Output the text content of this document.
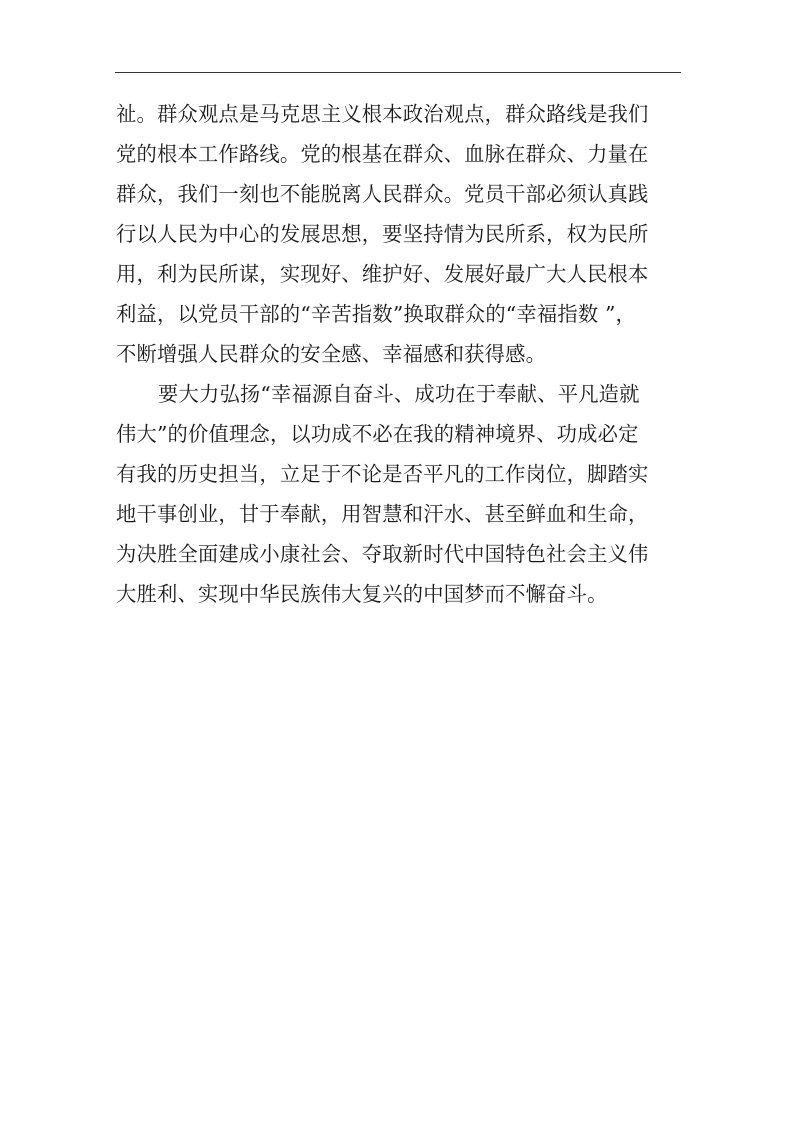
祉。群众观点是马克思主义根本政治观点，群众路线是我们
党的根本工作路线。党的根基在群众、血脉在群众、力量在
群众，我们一刻也不能脱离人民群众。党员干部必须认真践
行以人民为中心的发展思想，要坚持情为民所系，权为民所
用，利为民所谋，实现好、维护好、发展好最广大人民根本
利益，以党员干部的“辛苦指数”换取群众的“幸福指数 ”，
不断增强人民群众的安全感、幸福感和获得感。
要大力弘扬“幸福源自奋斗、成功在于奉献、平凡造就
伟大”的价值理念，以功成不必在我的精神境界、功成必定
有我的历史担当，立足于不论是否平凡的工作岗位，脚踏实
地干事创业，甘于奉献，用智慧和汗水、甚至鲜血和生命，
为决胜全面建成小康社会、夺取新时代中国特色社会主义伟
大胜利、实现中华民族伟大复兴的中国梦而不懈奋斗。
